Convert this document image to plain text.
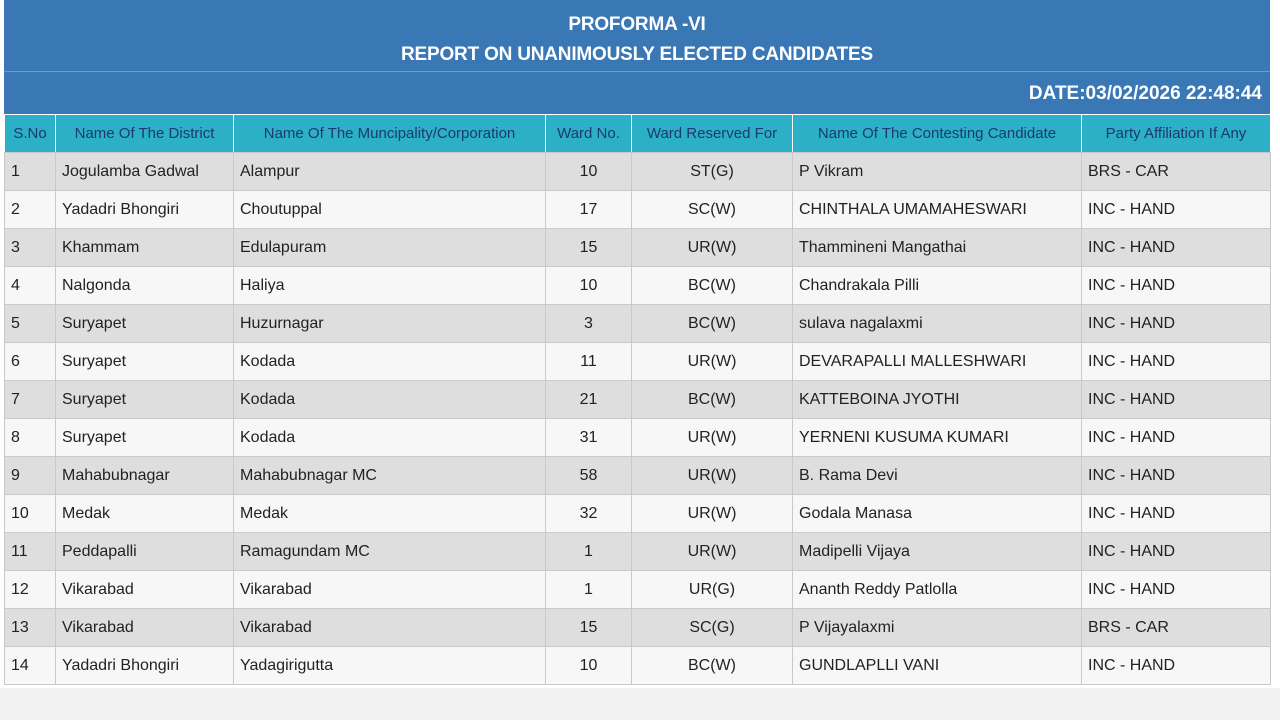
PROFORMA -VI
REPORT ON UNANIMOUSLY ELECTED CANDIDATES
DATE:03/02/2026 22:48:44
S.No	Name Of The District	Name Of The Muncipality/Corporation	Ward No.	Ward Reserved For	Name Of The Contesting Candidate	Party Affiliation If Any
1	Jogulamba Gadwal	Alampur	10	ST(G)	P Vikram	BRS - CAR
2	Yadadri Bhongiri	Choutuppal	17	SC(W)	CHINTHALA UMAMAHESWARI	INC - HAND
3	Khammam	Edulapuram	15	UR(W)	Thammineni Mangathai	INC - HAND
4	Nalgonda	Haliya	10	BC(W)	Chandrakala Pilli	INC - HAND
5	Suryapet	Huzurnagar	3	BC(W)	sulava nagalaxmi	INC - HAND
6	Suryapet	Kodada	11	UR(W)	DEVARAPALLI MALLESHWARI	INC - HAND
7	Suryapet	Kodada	21	BC(W)	KATTEBOINA JYOTHI	INC - HAND
8	Suryapet	Kodada	31	UR(W)	YERNENI KUSUMA KUMARI	INC - HAND
9	Mahabubnagar	Mahabubnagar MC	58	UR(W)	B. Rama Devi	INC - HAND
10	Medak	Medak	32	UR(W)	Godala Manasa	INC - HAND
11	Peddapalli	Ramagundam MC	1	UR(W)	Madipelli Vijaya	INC - HAND
12	Vikarabad	Vikarabad	1	UR(G)	Ananth Reddy Patlolla	INC - HAND
13	Vikarabad	Vikarabad	15	SC(G)	P Vijayalaxmi	BRS - CAR
14	Yadadri Bhongiri	Yadagirigutta	10	BC(W)	GUNDLAPLLI VANI	INC - HAND
